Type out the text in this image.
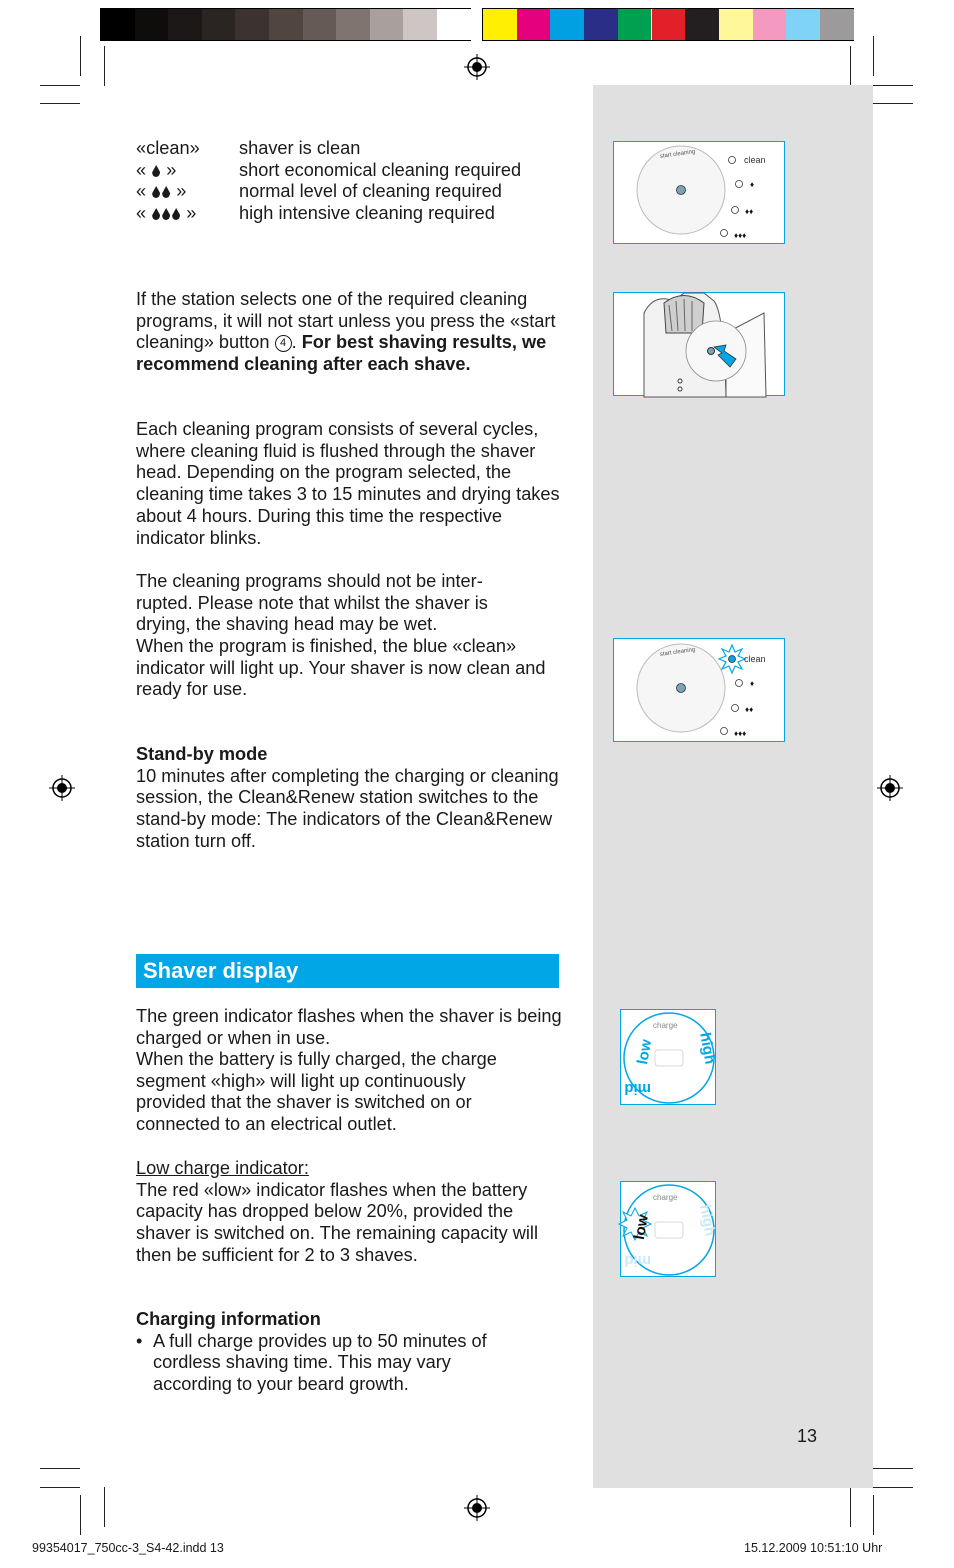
«clean» shaver is clean
« »	short economical cleaning required
« »	normal level of cleaning required
« » high intensive cleaning required
If the station selects one of the required cleaning programs, it will not start unless you press the «start cleaning» button 4 . For best shaving results, we recommend cleaning after each shave.
Each cleaning program consists of several cycles, where cleaning fluid is flushed through the shaver head. Depending on the program selected, the cleaning time takes 3 to 15 minutes and drying takes about 4 hours. During this time the respective indicator blinks.
The cleaning programs should not be inter-rupted. Please note that whilst the shaver is drying, the shaving head may be wet.
When the program is finished, the blue «clean» indicator will light up. Your shaver is now clean and ready for use.
Stand-by mode
10 minutes after completing the charging or cleaning session, the Clean&Renew station switches to the stand-by mode: The indicators of the Clean&Renew station turn off.
Shaver display
The green indicator flashes when the shaver is being charged or when in use.
When the battery is fully charged, the charge segment «high» will light up continuously provided that the shaver is switched on or connected to an electrical outlet.
Low charge indicator:
The red «low» indicator flashes when the battery capacity has dropped below 20%, provided the shaver is switched on. The remaining capacity will then be sufficient for 2 to 3 shaves.
Charging information
• A full charge provides up to 50 minutes of cordless shaving time. This may vary according to your beard growth.
start cleaning
clean
♦
♦♦
♦♦♦
start cleaning
clean
♦
♦♦
♦♦♦
charge
low
mid
high
charge
low
mid
high
13
99354017_750cc-3_S4-42.indd 13	15.12.2009 10:51:10 Uhr
